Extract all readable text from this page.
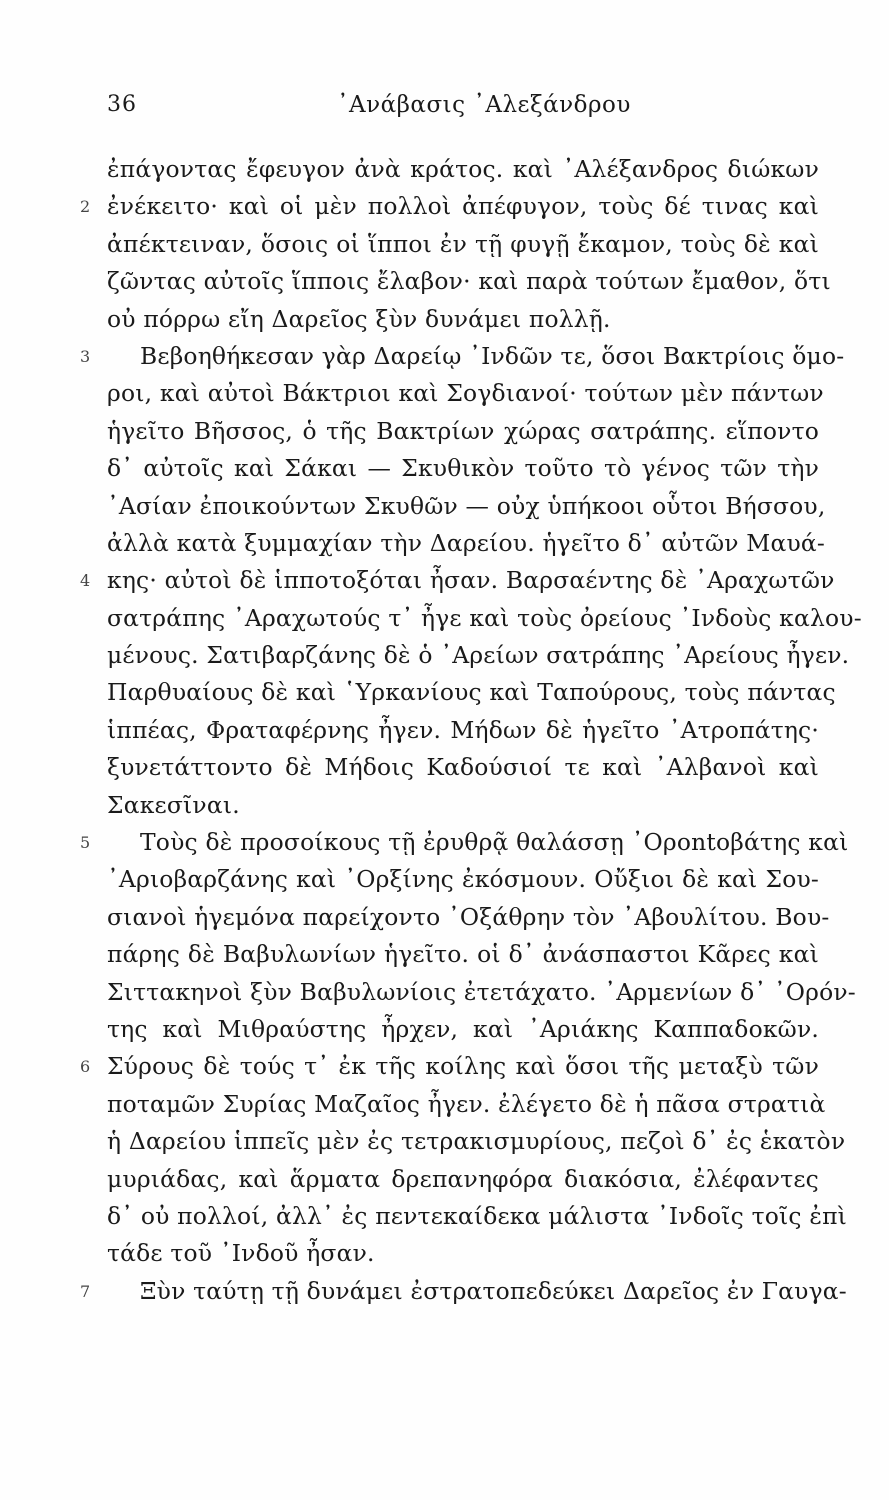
36	᾿Ανάβασις ᾿Αλεξάνδρου
ἐπάγοντας ἔφευγον ἀνὰ κράτος. καὶ ᾿Αλέξανδρος διώκων
2 ἐνέκειτο· καὶ οἱ μὲν πολλοὶ ἀπέφυγον, τοὺς δέ τινας καὶ
ἀπέκτειναν, ὅσοις οἱ ἵπποι ἐν τῇ φυγῇ ἔκαμον, τοὺς δὲ καὶ
ζῶντας αὐτοῖς ἵπποις ἔλαβον· καὶ παρὰ τούτων ἔμαθον, ὅτι
οὐ πόρρω εἴη Δαρεῖος ξὺν δυνάμει πολλῇ.
3	Βεβοηθήκεσαν γὰρ Δαρείῳ ᾿Ινδῶν τε, ὅσοι Βακτρίοις ὅμο-
ροι, καὶ αὐτοὶ Βάκτριοι καὶ Σογδιανοί· τούτων μὲν πάντων
ἡγεῖτο Βῆσσος, ὁ τῆς Βακτρίων χώρας σατράπης. εἵποντο
δ᾿ αὐτοῖς καὶ Σάκαι — Σκυθικὸν τοῦτο τὸ γένος τῶν τὴν
᾿Ασίαν ἐποικούντων Σκυθῶν — οὐχ ὑπήκοοι οὗτοι Βήσσου,
ἀλλὰ κατὰ ξυμμαχίαν τὴν Δαρείου. ἡγεῖτο δ᾿ αὐτῶν Μαυά-
4 κης· αὐτοὶ δὲ ἱπποτοξόται ἦσαν. Βαρσαέντης δὲ ᾿Αραχωτῶν
σατράπης ᾿Αραχωτούς τ᾿ ἦγε καὶ τοὺς ὀρείους ᾿Ινδοὺς καλου-
μένους. Σατιβαρζάνης δὲ ὁ ᾿Αρείων σατράπης ᾿Αρείους ἦγεν.
Παρθυαίους δὲ καὶ ῾Υρκανίους καὶ Ταπούρους, τοὺς πάντας
ἱππέας, Φραταφέρνης ἦγεν. Μήδων δὲ ἡγεῖτο ᾿Ατροπάτης·
ξυνετάττοντο δὲ Μήδοις Καδούσιοί τε καὶ ᾿Αλβανοὶ καὶ
Σακεσῖναι.
5	Τοὺς δὲ προσοίκους τῇ ἐρυθρᾷ θαλάσσῃ ᾿Ορontοβάτης καὶ
᾿Αριοβαρζάνης καὶ ᾿Ορξίνης ἐκόσμουν. Οὔξιοι δὲ καὶ Σου-
σιανοὶ ἡγεμόνα παρείχοντο ᾿Οξάθρην τὸν ᾿Αβουλίτου. Βου-
πάρης δὲ Βαβυλωνίων ἡγεῖτο. οἱ δ᾿ ἀνάσπαστοι Κᾶρες καὶ
Σιττακηνοὶ ξὺν Βαβυλωνίοις ἐτετάχατο. ᾿Αρμενίων δ᾿ ᾿Ορόν-
της καὶ Μιθραύστης ἦρχεν, καὶ ᾿Αριάκης Καππαδοκῶν.
6 Σύρους δὲ τούς τ᾿ ἐκ τῆς κοίλης καὶ ὅσοι τῆς μεταξὺ τῶν
ποταμῶν Συρίας Μαζαῖος ἦγεν. ἐλέγετο δὲ ἡ πᾶσα στρατιὰ
ἡ Δαρείου ἱππεῖς μὲν ἐς τετρακισμυρίους, πεζοὶ δ᾿ ἐς ἑκατὸν
μυριάδας, καὶ ἅρματα δρεπανηφόρα διακόσια, ἐλέφαντες
δ᾿ οὐ πολλοί, ἀλλ᾿ ἐς πεντεκαίδεκα μάλιστα ᾿Ινδοῖς τοῖς ἐπὶ
τάδε τοῦ ᾿Ινδοῦ ἦσαν.
7	Ξὺν ταύτῃ τῇ δυνάμει ἐστρατοπεδεύκει Δαρεῖος ἐν Γαυγα-
